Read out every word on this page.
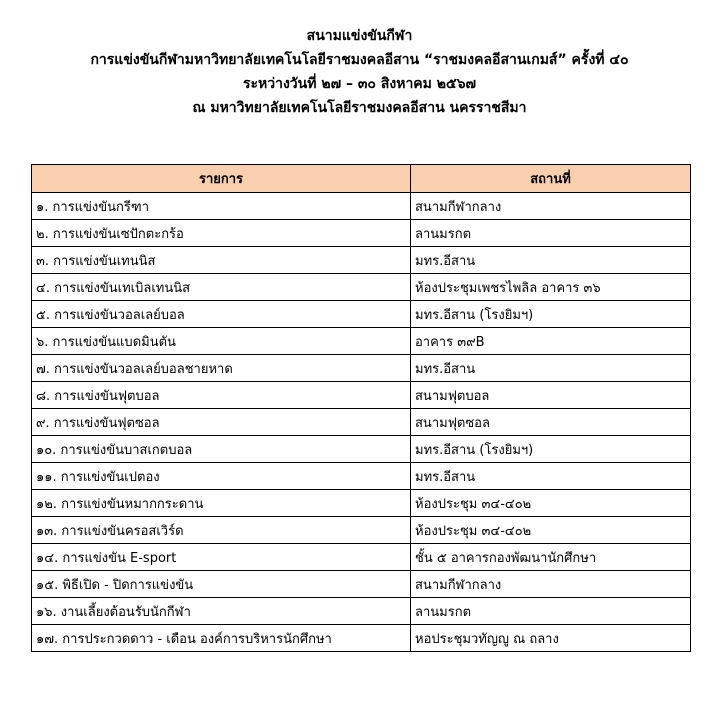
สนามแข่งขันกีฬา
การแข่งขันกีฬามหาวิทยาลัยเทคโนโลยีราชมงคลอีสาน “ราชมงคลอีสานเกมส์” ครั้งที่ ๔๐
ระหว่างวันที่ ๒๗ – ๓๐ สิงหาคม ๒๕๖๗
ณ มหาวิทยาลัยเทคโนโลยีราชมงคลอีสาน นครราชสีมา
รายการ	สถานที่
๑. การแข่งขันกรีฑา	สนามกีฬากลาง
๒. การแข่งขันเซปักตะกร้อ	ลานมรกต
๓. การแข่งขันเทนนิส	มทร.อีสาน
๔. การแข่งขันเทเบิลเทนนิส	ห้องประชุมเพชรไพลิล อาคาร ๓๖
๕. การแข่งขันวอลเลย์บอล	มทร.อีสาน (โรงยิมฯ)
๖. การแข่งขันแบดมินตัน	อาคาร ๓๙B
๗. การแข่งขันวอลเลย์บอลชายหาด	มทร.อีสาน
๘. การแข่งขันฟุตบอล	สนามฟุตบอล
๙. การแข่งขันฟุตซอล	สนามฟุตซอล
๑๐. การแข่งขันบาสเกตบอล	มทร.อีสาน (โรงยิมฯ)
๑๑. การแข่งขันเปตอง	มทร.อีสาน
๑๒. การแข่งขันหมากกระดาน	ห้องประชุม ๓๔-๔๐๒
๑๓. การแข่งขันครอสเวิร์ด	ห้องประชุม ๓๔-๔๐๒
๑๔. การแข่งขัน E-sport	ชั้น ๕ อาคารกองพัฒนานักศึกษา
๑๕. พิธีเปิด - ปิดการแข่งขัน	สนามกีฬากลาง
๑๖. งานเลี้ยงต้อนรับนักกีฬา	ลานมรกต
๑๗. การประกวดดาว - เดือน องค์การบริหารนักศึกษา	หอประชุมวทัญญู ณ ถลาง
